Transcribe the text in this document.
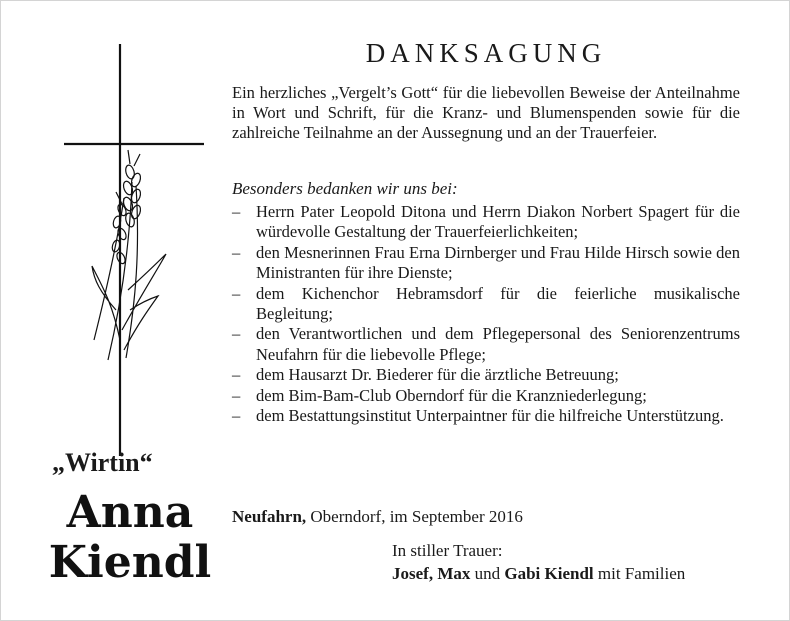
„Wirtin“
Anna
Kiendl
DANKSAGUNG

Ein herzliches „Vergelt’s Gott“ für die liebevollen Beweise der Anteilnahme in Wort und Schrift, für die Kranz- und Blumenspenden sowie für die zahlreiche Teilnahme an der Aussegnung und an der Trauerfeier.

Besonders bedanken wir uns bei:
– Herrn Pater Leopold Ditona und Herrn Diakon Norbert Spagert für die würdevolle Gestaltung der Trauerfeierlichkeiten;
– den Mesnerinnen Frau Erna Dirnberger und Frau Hilde Hirsch sowie den Ministranten für ihre Dienste;
– dem Kichenchor Hebramsdorf für die feierliche musikalische Begleitung;
– den Verantwortlichen und dem Pflegepersonal des Seniorenzentrums Neufahrn für die liebevolle Pflege;
– dem Hausarzt Dr. Biederer für die ärztliche Betreuung;
– dem Bim-Bam-Club Oberndorf für die Kranzniederlegung;
– dem Bestattungsinstitut Unterpaintner für die hilfreiche Unterstützung.
Neufahrn, Oberndorf, im September 2016
In stiller Trauer:
Josef, Max und Gabi Kiendl mit Familien
